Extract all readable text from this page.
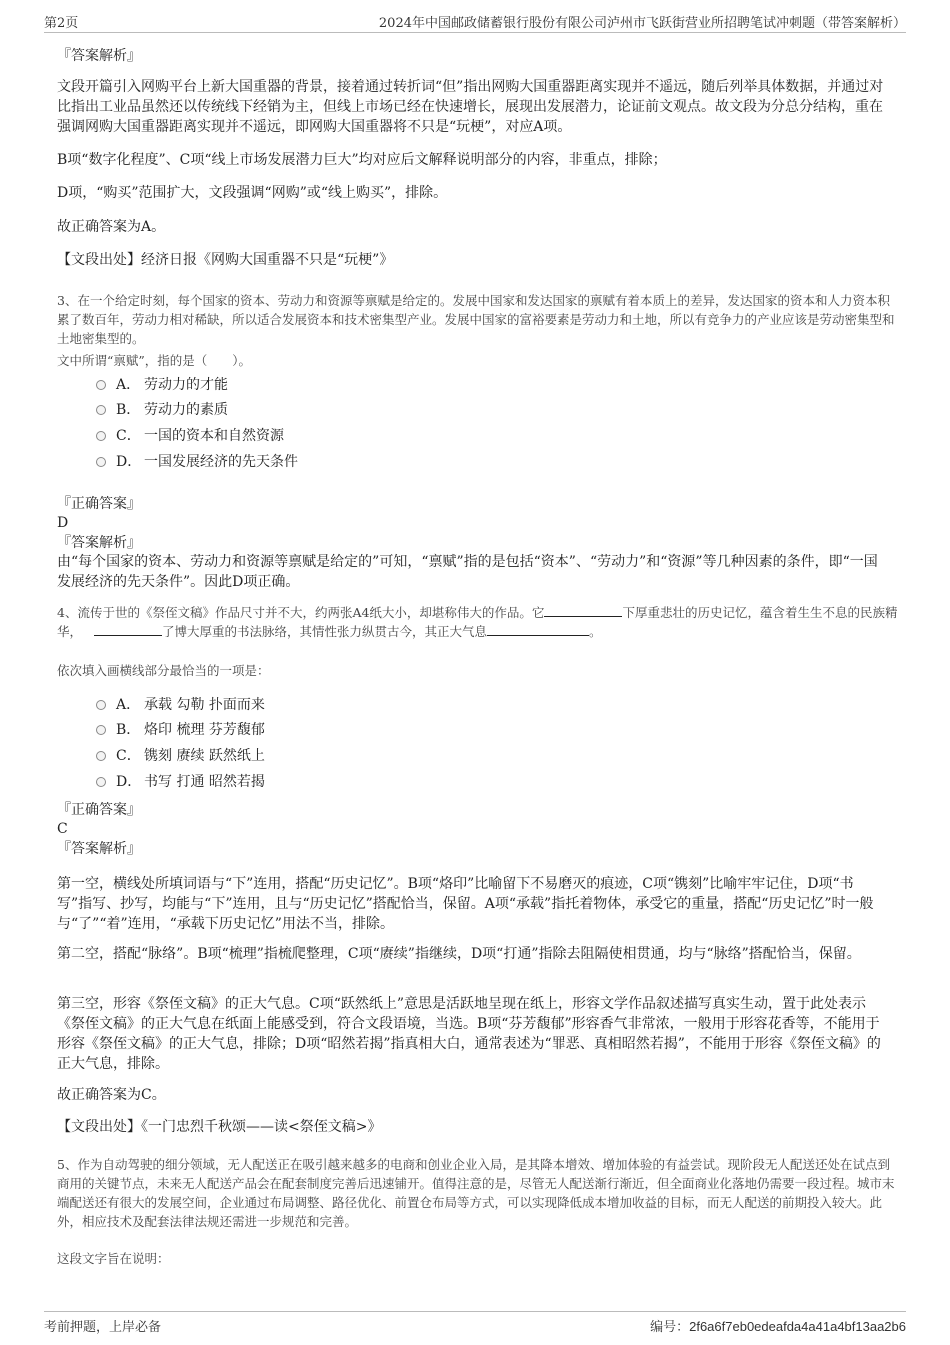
第2页	2024年中国邮政储蓄银行股份有限公司泸州市飞跃街营业所招聘笔试冲刺题（带答案解析）

『答案解析』

文段开篇引入网购平台上新大国重器的背景，接着通过转折词“但”指出网购大国重器距离实现并不遥远，随后列举具体数据，并通过对比指出工业品虽然还以传统线下经销为主，但线上市场已经在快速增长，展现出发展潜力，论证前文观点。故文段为分总分结构，重在强调网购大国重器距离实现并不遥远，即网购大国重器将不只是“玩梗”，对应A项。

B项“数字化程度”、C项“线上市场发展潜力巨大”均对应后文解释说明部分的内容，非重点，排除；

D项，“购买”范围扩大，文段强调“网购”或“线上购买”，排除。

故正确答案为A。

【文段出处】经济日报《网购大国重器不只是“玩梗”》

3、在一个给定时刻，每个国家的资本、劳动力和资源等禀赋是给定的。发展中国家和发达国家的禀赋有着本质上的差异，发达国家的资本和人力资本积累了数百年，劳动力相对稀缺，所以适合发展资本和技术密集型产业。发展中国家的富裕要素是劳动力和土地，所以有竞争力的产业应该是劳动密集型和土地密集型的。

文中所谓“禀赋”，指的是（　　）。

A． 劳动力的才能
B． 劳动力的素质
C． 一国的资本和自然资源
D． 一国发展经济的先天条件

『正确答案』

D

『答案解析』

由“每个国家的资本、劳动力和资源等禀赋是给定的”可知，“禀赋”指的是包括“资本”、“劳动力”和“资源”等几种因素的条件，即“一国发展经济的先天条件”。因此D项正确。

4、流传于世的《祭侄文稿》作品尺寸并不大，约两张A4纸大小，却堪称伟大的作品。它	下厚重悲壮的历史记忆，蕴含着生生不息的民族精华，	了博大厚重的书法脉络，其情性张力纵贯古今，其正大气息	。

依次填入画横线部分最恰当的一项是：

A． 承载 勾勒 扑面而来
B． 烙印 梳理 芬芳馥郁
C． 镌刻 赓续 跃然纸上
D． 书写 打通 昭然若揭

『正确答案』

C

『答案解析』

第一空，横线处所填词语与“下”连用，搭配“历史记忆”。B项“烙印”比喻留下不易磨灭的痕迹，C项“镌刻”比喻牢牢记住，D项“书写”指写、抄写，均能与“下”连用，且与“历史记忆”搭配恰当，保留。A项“承载”指托着物体，承受它的重量，搭配“历史记忆”时一般与“了”“着”连用，“承载下历史记忆”用法不当，排除。

第二空，搭配“脉络”。B项“梳理”指梳爬整理，C项“赓续”指继续，D项“打通”指除去阻隔使相贯通，均与“脉络”搭配恰当，保留。

第三空，形容《祭侄文稿》的正大气息。C项“跃然纸上”意思是活跃地呈现在纸上，形容文学作品叙述描写真实生动，置于此处表示《祭侄文稿》的正大气息在纸面上能感受到，符合文段语境，当选。B项“芬芳馥郁”形容香气非常浓，一般用于形容花香等，不能用于形容《祭侄文稿》的正大气息，排除；D项“昭然若揭”指真相大白，通常表述为“罪恶、真相昭然若揭”，不能用于形容《祭侄文稿》的正大气息，排除。

故正确答案为C。

【文段出处】《一门忠烈千秋颂——读<祭侄文稿>》

5、作为自动驾驶的细分领域，无人配送正在吸引越来越多的电商和创业企业入局，是其降本增效、增加体验的有益尝试。现阶段无人配送还处在试点到商用的关键节点，未来无人配送产品会在配套制度完善后迅速铺开。值得注意的是，尽管无人配送渐行渐近，但全面商业化落地仍需要一段过程。城市末端配送还有很大的发展空间，企业通过布局调整、路径优化、前置仓布局等方式，可以实现降低成本增加收益的目标，而无人配送的前期投入较大。此外，相应技术及配套法律法规还需进一步规范和完善。

这段文字旨在说明：

考前押题，上岸必备	编号：2f6a6f7eb0edeafda4a41a4bf13aa2b6
